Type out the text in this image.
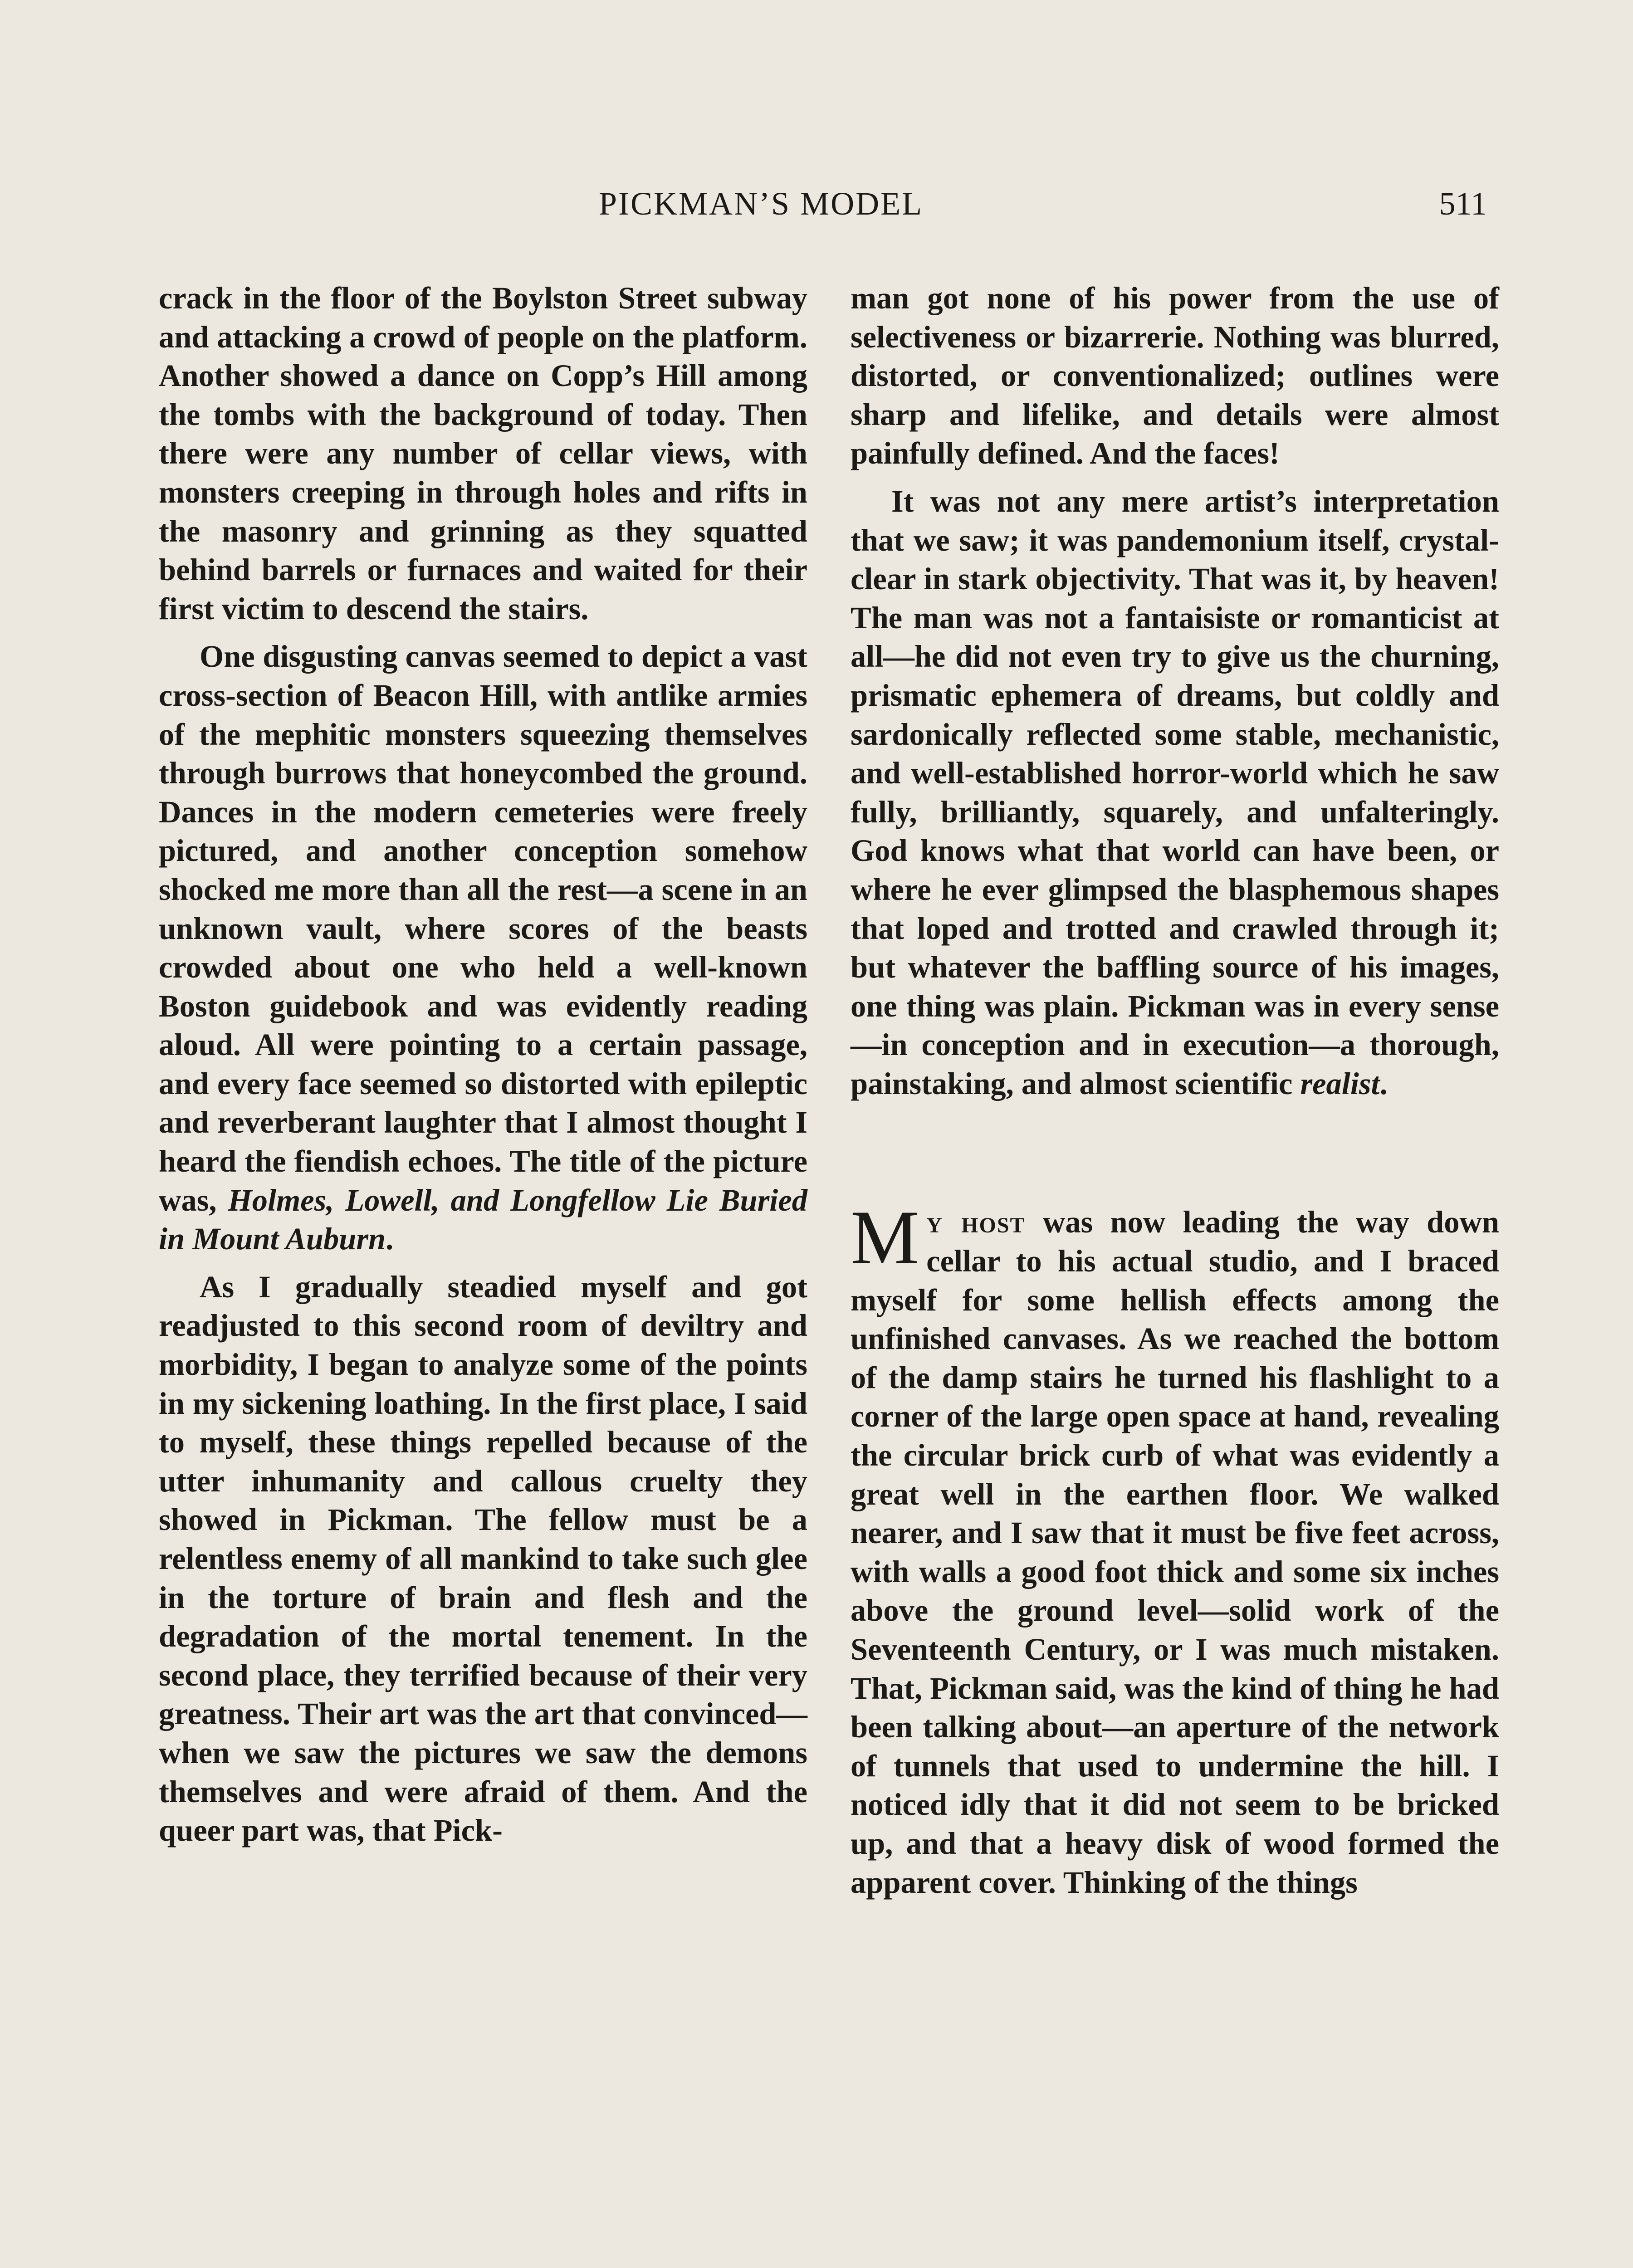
PICKMAN’S MODEL	511

crack in the floor of the Boylston Street subway and attacking a crowd of people on the platform. Another showed a dance on Copp’s Hill among the tombs with the background of today. Then there were any number of cellar views, with monsters creeping in through holes and rifts in the masonry and grinning as they squatted behind barrels or furnaces and waited for their first victim to descend the stairs.

One disgusting canvas seemed to depict a vast cross-section of Beacon Hill, with antlike armies of the mephitic monsters squeezing themselves through burrows that honeycombed the ground. Dances in the modern cemeteries were freely pictured, and another conception somehow shocked me more than all the rest—a scene in an unknown vault, where scores of the beasts crowded about one who held a well-known Boston guidebook and was evidently reading aloud. All were pointing to a certain passage, and every face seemed so distorted with epileptic and reverberant laughter that I almost thought I heard the fiendish echoes. The title of the picture was, Holmes, Lowell, and Longfellow Lie Buried in Mount Auburn.

As I gradually steadied myself and got readjusted to this second room of deviltry and morbidity, I began to analyze some of the points in my sickening loathing. In the first place, I said to myself, these things repelled because of the utter inhumanity and callous cruelty they showed in Pickman. The fellow must be a relentless enemy of all mankind to take such glee in the torture of brain and flesh and the degradation of the mortal tenement. In the second place, they terrified because of their very greatness. Their art was the art that convinced—when we saw the pictures we saw the demons themselves and were afraid of them. And the queer part was, that Pick-

man got none of his power from the use of selectiveness or bizarrerie. Nothing was blurred, distorted, or conventionalized; outlines were sharp and lifelike, and details were almost painfully defined. And the faces!

It was not any mere artist’s interpretation that we saw; it was pandemonium itself, crystal-clear in stark objectivity. That was it, by heaven! The man was not a fantaisiste or romanticist at all—he did not even try to give us the churning, prismatic ephemera of dreams, but coldly and sardonically reflected some stable, mechanistic, and well-established horror-world which he saw fully, brilliantly, squarely, and unfalteringly. God knows what that world can have been, or where he ever glimpsed the blasphemous shapes that loped and trotted and crawled through it; but whatever the baffling source of his images, one thing was plain. Pickman was in every sense—in conception and in execution—a thorough, painstaking, and almost scientific realist.

My host was now leading the way down cellar to his actual studio, and I braced myself for some hellish effects among the unfinished canvases. As we reached the bottom of the damp stairs he turned his flashlight to a corner of the large open space at hand, revealing the circular brick curb of what was evidently a great well in the earthen floor. We walked nearer, and I saw that it must be five feet across, with walls a good foot thick and some six inches above the ground level—solid work of the Seventeenth Century, or I was much mistaken. That, Pickman said, was the kind of thing he had been talking about—an aperture of the network of tunnels that used to undermine the hill. I noticed idly that it did not seem to be bricked up, and that a heavy disk of wood formed the apparent cover. Thinking of the things
